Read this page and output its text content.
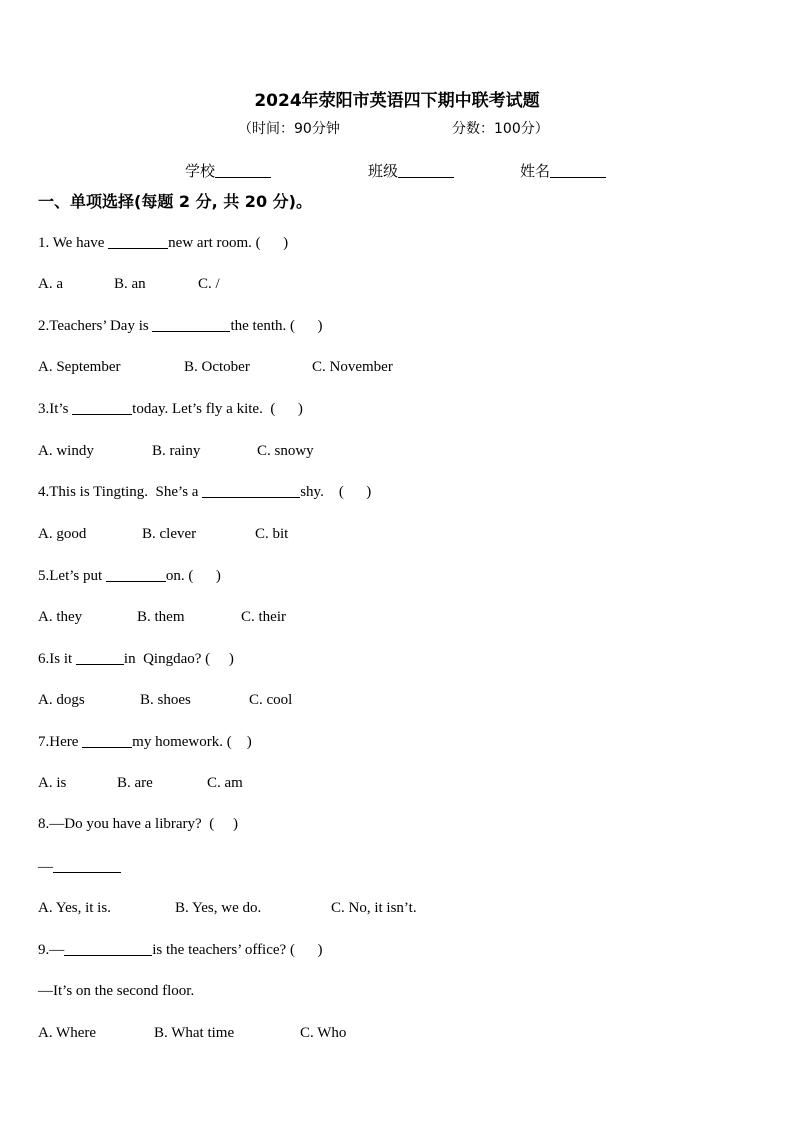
2024年荥阳市英语四下期中联考试题
（时间：90分钟	分数：100分）
学校	班级	姓名
一、单项选择(每题 2 分, 共 20 分)。
1. We have	new art room. (      )
A. a	B. an	C. /
2.Teachers’ Day is	the tenth. (      )
A. September	B. October	C. November
3.It’s	today. Let’s fly a kite.  (      )
A. windy	B. rainy	C. snowy
4.This is Tingting.  She’s a	shy.    (      )
A. good	B. clever	C. bit
5.Let’s put	on. (      )
A. they	B. them	C. their
6.Is it	in  Qingdao? (     )
A. dogs	B. shoes	C. cool
7.Here	my homework. (    )
A. is	B. are	C. am
8.—Do you have a library?  (     )
—
A. Yes, it is.	B. Yes, we do.	C. No, it isn’t.
9.—	is the teachers’ office? (      )
—It’s on the second floor.
A. Where	B. What time	C. Who
